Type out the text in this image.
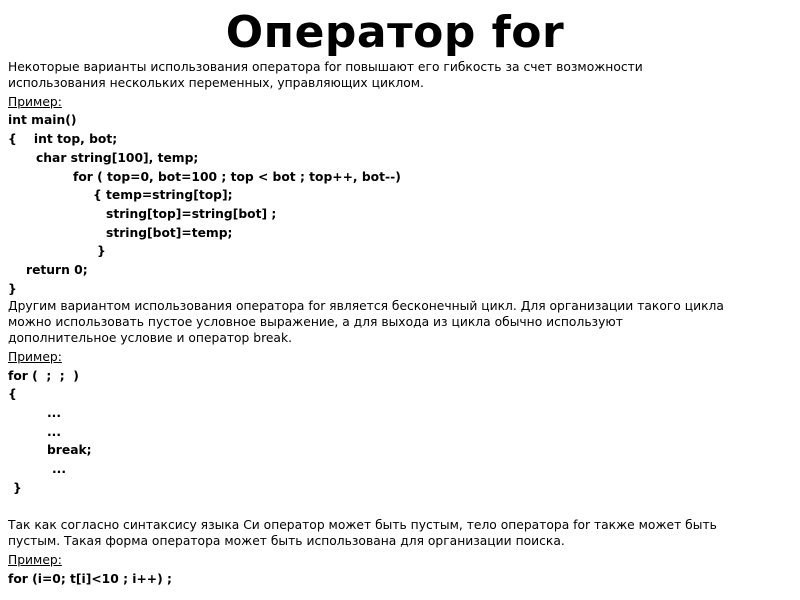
Оператор for
Некоторые варианты использования оператора for повышают его гибкость за счет возможности
использования нескольких переменных, управляющих циклом.
Пример:
int main()
{    int top, bot;
char string[100], temp;
for ( top=0, bot=100 ; top < bot ; top++, bot--)
{ temp=string[top];
string[top]=string[bot] ;
string[bot]=temp;
}
return 0;
}
Другим вариантом использования оператора for является бесконечный цикл. Для организации такого цикла
можно использовать пустое условное выражение, а для выхода из цикла обычно используют
дополнительное условие и оператор break.
Пример:
for (  ;  ;  )
{
...
...
break;
...
}
Так как согласно синтаксису языка Си оператор может быть пустым, тело оператора for также может быть
пустым. Такая форма оператора может быть использована для организации поиска.
Пример:
for (i=0; t[i]<10 ; i++) ;
